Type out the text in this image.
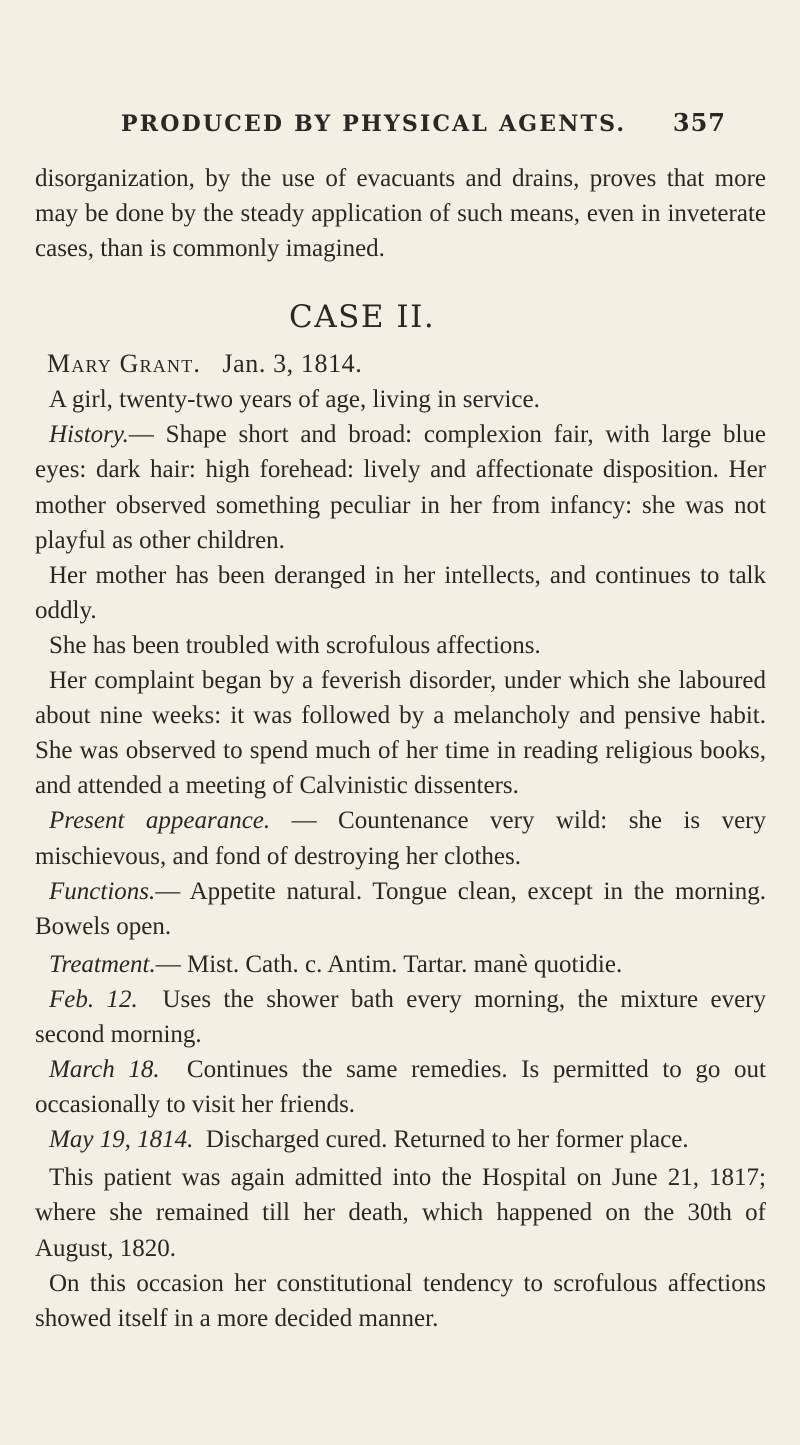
PRODUCED BY PHYSICAL AGENTS. 357

disorganization, by the use of evacuants and drains, proves that more may be done by the steady application of such means, even in inveterate cases, than is commonly imagined.

CASE II.
Mary Grant. Jan. 3, 1814.

A girl, twenty-two years of age, living in service.

History.— Shape short and broad: complexion fair, with large blue eyes: dark hair: high forehead: lively and affectionate disposition. Her mother observed something peculiar in her from infancy: she was not playful as other children.

Her mother has been deranged in her intellects, and continues to talk oddly.

She has been troubled with scrofulous affections.

Her complaint began by a feverish disorder, under which she laboured about nine weeks: it was followed by a melancholy and pensive habit. She was observed to spend much of her time in reading religious books, and attended a meeting of Calvinistic dissenters.

Present appearance. — Countenance very wild: she is very mischievous, and fond of destroying her clothes.

Functions.— Appetite natural. Tongue clean, except in the morning. Bowels open.

Treatment.— Mist. Cath. c. Antim. Tartar. manè quotidie.

Feb. 12. Uses the shower bath every morning, the mixture every second morning.

March 18. Continues the same remedies. Is permitted to go out occasionally to visit her friends.

May 19, 1814. Discharged cured. Returned to her former place.

This patient was again admitted into the Hospital on June 21, 1817; where she remained till her death, which happened on the 30th of August, 1820.

On this occasion her constitutional tendency to scrofulous affections showed itself in a more decided manner.
